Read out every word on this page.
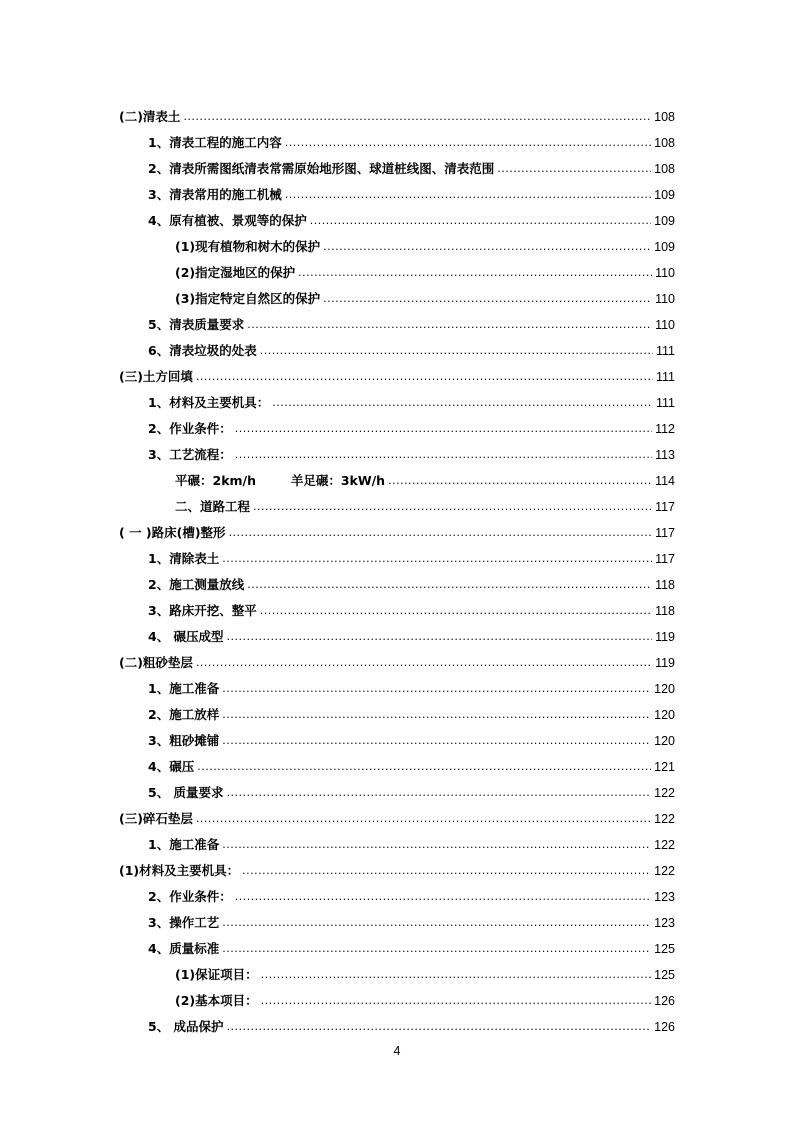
(二)清表土 .....	108
1、清表工程的施工内容 .....	108
2、清表所需图纸清表常需原始地形图、球道桩线图、清表范围 .....	108
3、清表常用的施工机械 .....	109
4、原有植被、景观等的保护 .....	109
(1)现有植物和树木的保护 .....	109
(2)指定湿地区的保护 .....	110
(3)指定特定自然区的保护 .....	110
5、清表质量要求 .....	110
6、清表垃圾的处表 .....	111
(三)土方回填 .....	111
1、材料及主要机具： .....	111
2、作业条件： .....	112
3、工艺流程： .....	113
平碾：2km/h        羊足碾：3kW/h .....	114
二、道路工程 .....	117
( 一 )路床(槽)整形 .....	117
1、清除表土 .....	117
2、施工测量放线 .....	118
3、路床开挖、整平 .....	118
4、 碾压成型 .....	119
(二)粗砂垫层 .....	119
1、施工准备 .....	120
2、施工放样 .....	120
3、粗砂摊铺 .....	120
4、碾压 .....	121
5、 质量要求 .....	122
(三)碎石垫层 .....	122
1、施工准备 .....	122
(1)材料及主要机具： .....	122
2、作业条件： .....	123
3、操作工艺 .....	123
4、质量标准 .....	125
(1)保证项目： .....	125
(2)基本项目： .....	126
5、 成品保护 .....	126
4
